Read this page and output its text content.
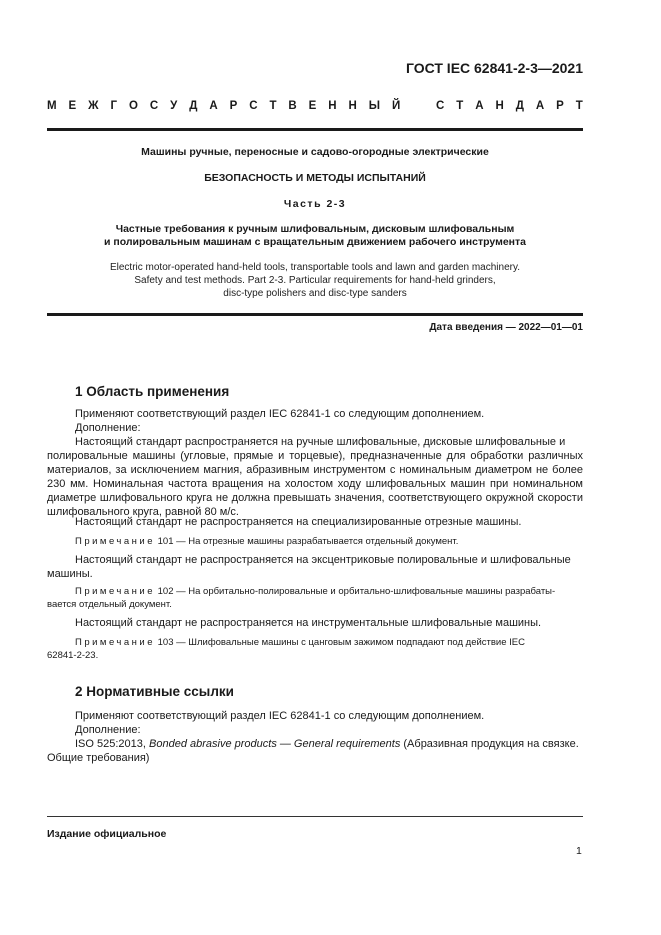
ГОСТ IEC 62841-2-3—2021
М Е Ж Г О С У Д А Р С Т В Е Н Н Ы Й	С Т А Н Д А Р Т
Машины ручные, переносные и садово-огородные электрические
БЕЗОПАСНОСТЬ И МЕТОДЫ ИСПЫТАНИЙ
Часть 2-3
Частные требования к ручным шлифовальным, дисковым шлифовальным
и полировальным машинам с вращательным движением рабочего инструмента
Electric motor-operated hand-held tools, transportable tools and lawn and garden machinery.
Safety and test methods. Part 2-3. Particular requirements for hand-held grinders,
disc-type polishers and disc-type sanders
Дата введения — 2022—01—01
1 Область применения
Применяют соответствующий раздел IEC 62841-1 со следующим дополнением.
Дополнение:
Настоящий стандарт распространяется на ручные шлифовальные, дисковые шлифовальные и
полировальные машины (угловые, прямые и торцевые), предназначенные для обработки различных материалов, за исключением магния, абразивным инструментом с номинальным диаметром не более 230 мм. Номинальная частота вращения на холостом ходу шлифовальных машин при номинальном диаметре шлифовального круга не должна превышать значения, соответствующего окружной скорости шлифовального круга, равной 80 м/с.
Настоящий стандарт не распространяется на специализированные отрезные машины.
Примечание 101 — На отрезные машины разрабатывается отдельный документ.
Настоящий стандарт не распространяется на эксцентриковые полировальные и шлифовальные
машины.
Примечание 102 — На орбитально-полировальные и орбитально-шлифовальные машины разрабаты-
вается отдельный документ.
Настоящий стандарт не распространяется на инструментальные шлифовальные машины.
Примечание 103 — Шлифовальные машины с цанговым зажимом подпадают под действие IEC
62841-2-23.
2 Нормативные ссылки
Применяют соответствующий раздел IEC 62841-1 со следующим дополнением.
Дополнение:
ISO 525:2013, Bonded abrasive products — General requirements (Абразивная продукция на связке.
Общие требования)
Издание официальное
1
